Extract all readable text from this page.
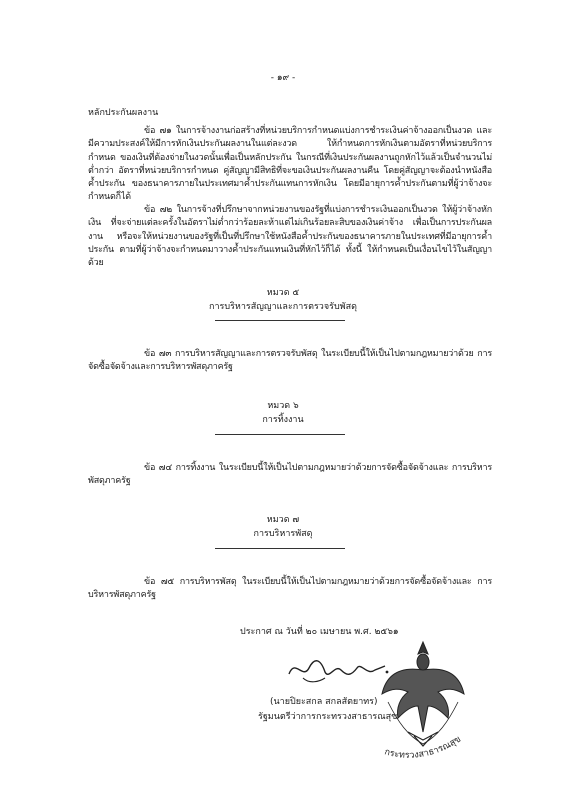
- ๑๙ -
หลักประกันผลงาน
ข้อ ๗๑ ในการจ้างงานก่อสร้างที่หน่วยบริการกำหนดแบ่งการชำระเงินค่าจ้างออกเป็นงวด และมีความประสงค์ให้มีการหักเงินประกันผลงานในแต่ละงวด ให้กำหนดการหักเงินตามอัตราที่หน่วยบริการกำหนด ของเงินที่ต้องจ่ายในงวดนั้นเพื่อเป็นหลักประกัน ในกรณีที่เงินประกันผลงานถูกหักไว้แล้วเป็นจำนวนไม่ต่ำกว่า อัตราที่หน่วยบริการกำหนด คู่สัญญามีสิทธิที่จะขอเงินประกันผลงานคืน โดยคู่สัญญาจะต้องนำหนังสือค้ำประกัน ของธนาคารภายในประเทศมาค้ำประกันแทนการหักเงิน โดยมีอายุการค้ำประกันตามที่ผู้ว่าจ้างจะกำหนดก็ได้
ข้อ ๗๒ ในการจ้างที่ปรึกษาจากหน่วยงานของรัฐที่แบ่งการชำระเงินออกเป็นงวด ให้ผู้ว่าจ้างหักเงิน ที่จะจ่ายแต่ละครั้งในอัตราไม่ต่ำกว่าร้อยละห้าแต่ไม่เกินร้อยละสิบของเงินค่าจ้าง เพื่อเป็นการประกันผลงาน หรือจะให้หน่วยงานของรัฐที่เป็นที่ปรึกษาใช้หนังสือค้ำประกันของธนาคารภายในประเทศที่มีอายุการค้ำประกัน ตามที่ผู้ว่าจ้างจะกำหนดมาวางค้ำประกันแทนเงินที่หักไว้ก็ได้ ทั้งนี้ ให้กำหนดเป็นเงื่อนไขไว้ในสัญญาด้วย
หมวด ๕
การบริหารสัญญาและการตรวจรับพัสดุ
ข้อ ๗๓ การบริหารสัญญาและการตรวจรับพัสดุ ในระเบียบนี้ให้เป็นไปตามกฎหมายว่าด้วย การจัดซื้อจัดจ้างและการบริหารพัสดุภาครัฐ
หมวด ๖
การทิ้งงาน
ข้อ ๗๔ การทิ้งงาน ในระเบียบนี้ให้เป็นไปตามกฎหมายว่าด้วยการจัดซื้อจัดจ้างและ การบริหารพัสดุภาครัฐ
หมวด ๗
การบริหารพัสดุ
ข้อ ๗๕ การบริหารพัสดุ ในระเบียบนี้ให้เป็นไปตามกฎหมายว่าด้วยการจัดซื้อจัดจ้างและ การบริหารพัสดุภาครัฐ
ประกาศ ณ วันที่ ๒๐ เมษายน พ.ศ. ๒๕๖๑
กระทรวงสาธารณสุข
(นายปิยะสกล สกลสัตยาทร)
รัฐมนตรีว่าการกระทรวงสาธารณสุข
